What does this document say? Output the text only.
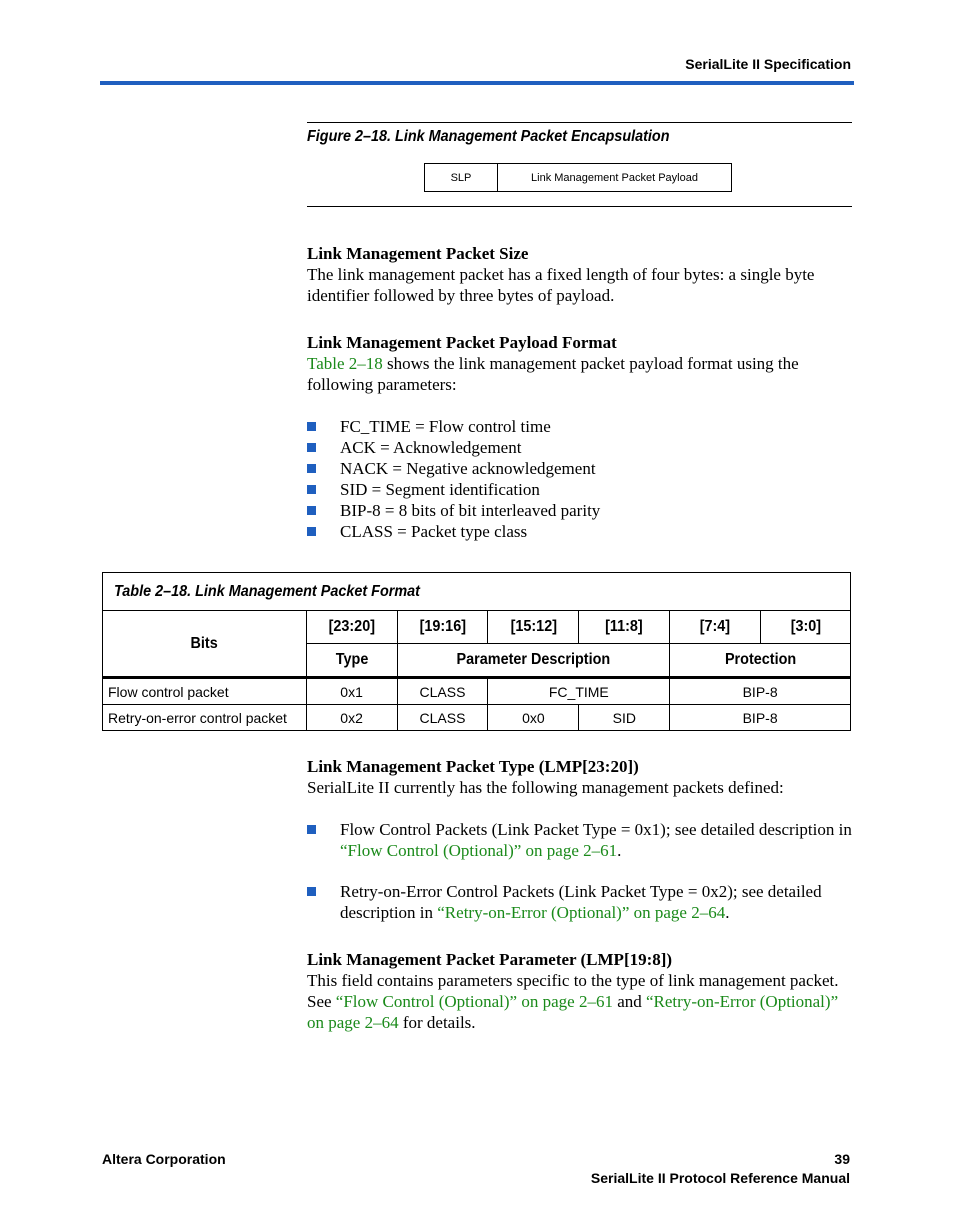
SerialLite II Specification
Figure 2–18. Link Management Packet Encapsulation
SLP	Link Management Packet Payload
Link Management Packet Size

The link management packet has a fixed length of four bytes: a single byte identifier followed by three bytes of payload.

Link Management Packet Payload Format

Table 2–18 shows the link management packet payload format using the following parameters:

FC_TIME = Flow control time
ACK = Acknowledgement
NACK = Negative acknowledgement
SID = Segment identification
BIP-8 = 8 bits of bit interleaved parity
CLASS = Packet type class
Table 2–18. Link Management Packet Format						
Bits	[23:20]	[19:16]	[15:12]	[11:8]	[7:4]	[3:0]
	Type	Parameter Description			Protection	
Flow control packet	0x1	CLASS	FC_TIME		BIP-8	
Retry-on-error control packet	0x2	CLASS	0x0	SID	BIP-8	
Link Management Packet Type (LMP[23:20])

SerialLite II currently has the following management packets defined:

Flow Control Packets (Link Packet Type = 0x1); see detailed description in “Flow Control (Optional)” on page 2–61.
Retry-on-Error Control Packets (Link Packet Type = 0x2); see detailed description in “Retry-on-Error (Optional)” on page 2–64.
Link Management Packet Parameter (LMP[19:8])

This field contains parameters specific to the type of link management packet. See “Flow Control (Optional)” on page 2–61 and “Retry-on-Error (Optional)” on page 2–64 for details.

Altera Corporation	39
SerialLite II Protocol Reference Manual
